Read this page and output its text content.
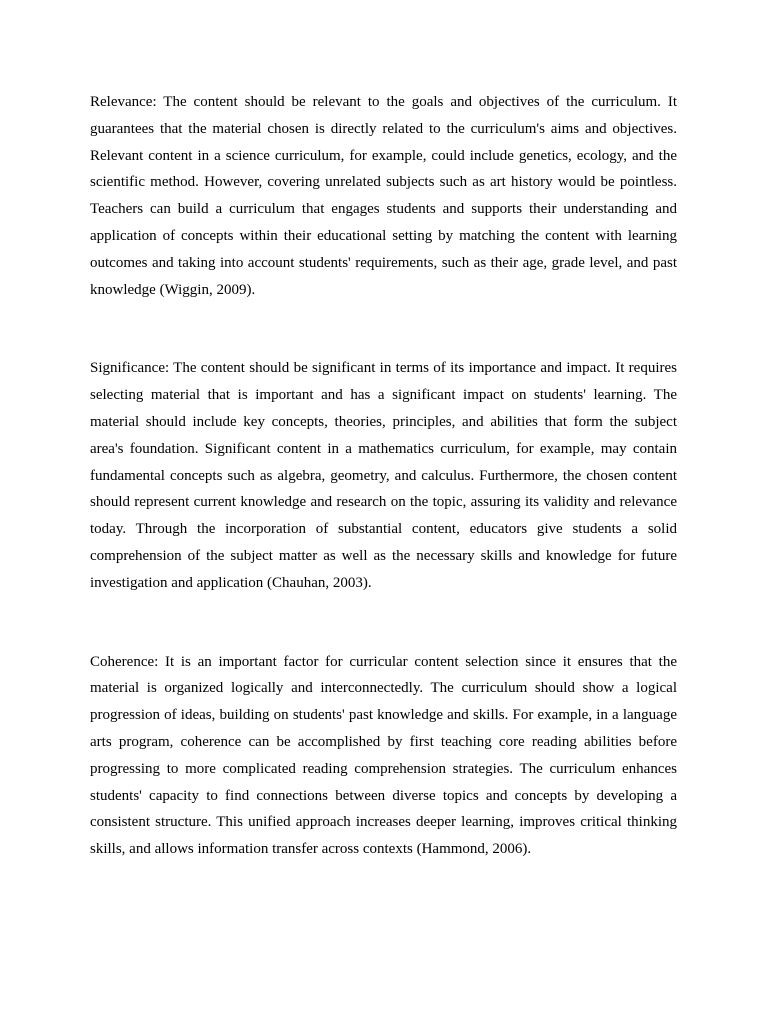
Relevance: The content should be relevant to the goals and objectives of the curriculum. It guarantees that the material chosen is directly related to the curriculum's aims and objectives. Relevant content in a science curriculum, for example, could include genetics, ecology, and the scientific method. However, covering unrelated subjects such as art history would be pointless. Teachers can build a curriculum that engages students and supports their understanding and application of concepts within their educational setting by matching the content with learning outcomes and taking into account students' requirements, such as their age, grade level, and past knowledge (Wiggin, 2009).

Significance: The content should be significant in terms of its importance and impact. It requires selecting material that is important and has a significant impact on students' learning. The material should include key concepts, theories, principles, and abilities that form the subject area's foundation. Significant content in a mathematics curriculum, for example, may contain fundamental concepts such as algebra, geometry, and calculus. Furthermore, the chosen content should represent current knowledge and research on the topic, assuring its validity and relevance today. Through the incorporation of substantial content, educators give students a solid comprehension of the subject matter as well as the necessary skills and knowledge for future investigation and application (Chauhan, 2003).

Coherence: It is an important factor for curricular content selection since it ensures that the material is organized logically and interconnectedly. The curriculum should show a logical progression of ideas, building on students' past knowledge and skills. For example, in a language arts program, coherence can be accomplished by first teaching core reading abilities before progressing to more complicated reading comprehension strategies. The curriculum enhances students' capacity to find connections between diverse topics and concepts by developing a consistent structure. This unified approach increases deeper learning, improves critical thinking skills, and allows information transfer across contexts (Hammond, 2006).
